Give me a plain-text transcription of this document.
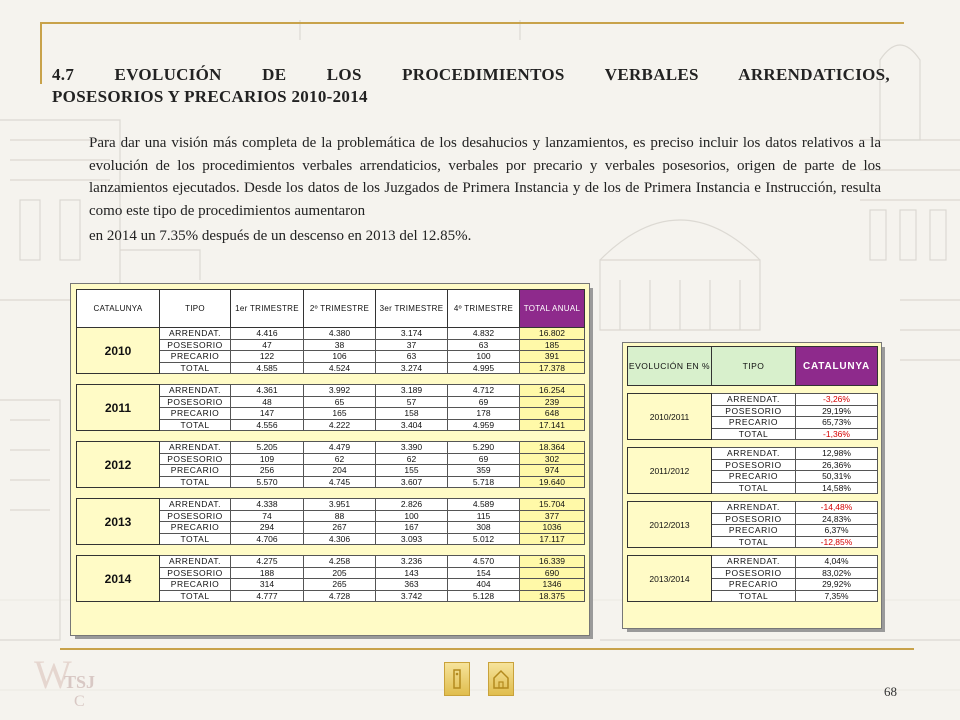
4.7 EVOLUCIÓN DE LOS PROCEDIMIENTOS VERBALES ARRENDATICIOS,
POSESORIOS Y PRECARIOS 2010-2014
Para dar una visión más completa de la problemática de los desahucios y lanzamientos, es preciso incluir los datos relativos a la evolución de los procedimientos verbales arrendaticios, verbales por precario y verbales posesorios, origen de parte de los lanzamientos ejecutados. Desde los datos de los Juzgados de Primera Instancia y de los de Primera Instancia e Instrucción, resulta como este tipo de procedimientos aumentaron
en 2014 un 7.35% después de un descenso en 2013 del 12.85%.
CATALUNYA	TIPO	1er TRIMESTRE	2º TRIMESTRE	3er TRIMESTRE	4º TRIMESTRE	TOTAL ANUAL
2010	ARRENDAT.	4.416	4.380	3.174	4.832	16.802
	POSESORIO	47	38	37	63	185
	PRECARIO	122	106	63	100	391
	TOTAL	4.585	4.524	3.274	4.995	17.378

2011	ARRENDAT.	4.361	3.992	3.189	4.712	16.254
	POSESORIO	48	65	57	69	239
	PRECARIO	147	165	158	178	648
	TOTAL	4.556	4.222	3.404	4.959	17.141

2012	ARRENDAT.	5.205	4.479	3.390	5.290	18.364
	POSESORIO	109	62	62	69	302
	PRECARIO	256	204	155	359	974
	TOTAL	5.570	4.745	3.607	5.718	19.640

2013	ARRENDAT.	4.338	3.951	2.826	4.589	15.704
	POSESORIO	74	88	100	115	377
	PRECARIO	294	267	167	308	1036
	TOTAL	4.706	4.306	3.093	5.012	17.117

2014	ARRENDAT.	4.275	4.258	3.236	4.570	16.339
	POSESORIO	188	205	143	154	690
	PRECARIO	314	265	363	404	1346
	TOTAL	4.777	4.728	3.742	5.128	18.375
EVOLUCIÓN EN %	TIPO	CATALUNYA

2010/2011	ARRENDAT.	-3,26%
	POSESORIO	29,19%
	PRECARIO	65,73%
	TOTAL	-1,36%

2011/2012	ARRENDAT.	12,98%
	POSESORIO	26,36%
	PRECARIO	50,31%
	TOTAL	14,58%

2012/2013	ARRENDAT.	-14,48%
	POSESORIO	24,83%
	PRECARIO	6,37%
	TOTAL	-12,85%

2013/2014	ARRENDAT.	4,04%
	POSESORIO	83,02%
	PRECARIO	29,92%
	TOTAL	7,35%
W
TSJ
C
68
